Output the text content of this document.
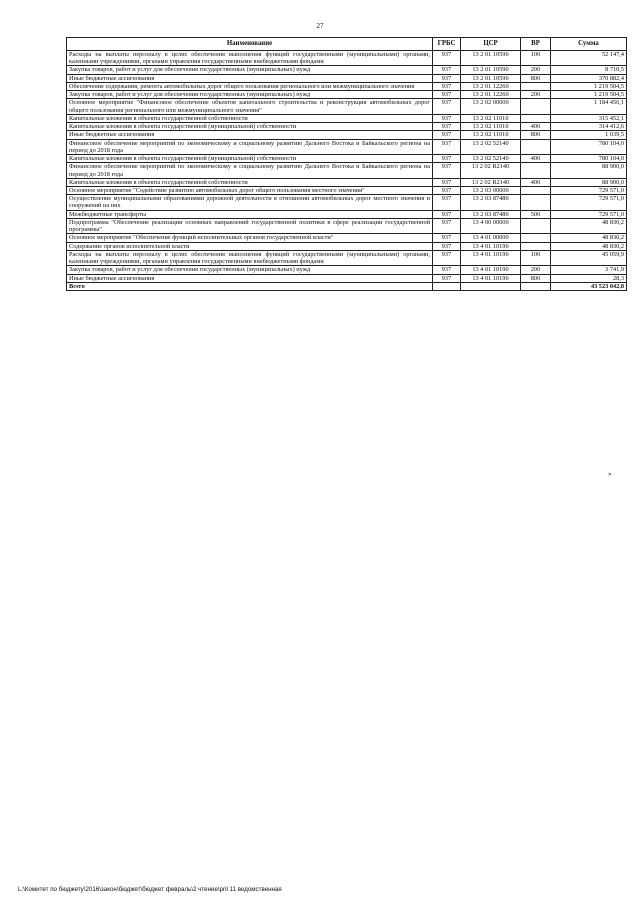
27
Наименование	ГРБС	ЦСР	ВР	Сумма
Расходы на выплаты персоналу в целях обеспечения выполнения функций государственными (муниципальными) органами, казенными учреждениями, органами управления государственными внебюджетными фондами	937	13 2 01 10590	100	52 147,4
Закупка товаров, работ и услуг для обеспечения государственных (муниципальных) нужд	937	13 2 01 10590	200	8 710,5
Иные бюджетные ассигнования	937	13 2 01 10590	800	370 882,4
Обеспечение содержания, ремонта автомобильных дорог общего пользования регионального или межмуниципального значения	937	13 2 01 12260		1 219 504,5
Закупка товаров, работ и услуг для обеспечения государственных (муниципальных) нужд	937	13 2 01 12260	200	1 219 504,5
Основное мероприятие "Финансовое обеспечение объектов капитального строительства и реконструкция автомобильных дорог общего пользования регионального или межмуниципального значения"	937	13 2 02 00000		1 184 456,1
Капитальные вложения в объекты государственной собственности	937	13 2 02 11010		315 452,1
Капитальные вложения в объекты государственной (муниципальной) собственности	937	13 2 02 11010	400	314 412,6
Иные бюджетные ассигнования	937	13 2 02 11010	800	1 039,5
Финансовое обеспечение мероприятий по экономическому и социальному развитию Дальнего Востока и Байкальского региона на период до 2018 года	937	13 2 02 52140		780 104,0
Капитальные вложения в объекты государственной (муниципальной) собственности	937	13 2 02 52140	400	780 104,0
Финансовое обеспечение мероприятий по экономическому и социальному развитию Дальнего Востока и Байкальского региона на период до 2018 года	937	13 2 02 R2140		88 900,0
Капитальные вложения в объекты государственной собственности	937	13 2 02 R2140	400	88 900,0
Основное мероприятие "Содействие развитию автомобильных дорог общего пользования местного значения"	937	13 2 03 00000		729 571,0
Осуществление муниципальными образованиями дорожной деятельности в отношении автомобильных дорог местного значения и сооружений на них	937	13 2 03 87480		729 571,0
Межбюджетные трансферты	937	13 2 03 87480	500	729 571,0
Подпрограмма "Обеспечение реализации основных направлений государственной политики в сфере реализации государственной программы"	937	13 4 00 00000		48 830,2
Основное мероприятие "Обеспечение функций исполнительных органов государственной власти"	937	13 4 01 00000		48 830,2
Содержание органов исполнительной власти	937	13 4 01 10190		48 830,2
Расходы на выплаты персоналу в целях обеспечения выполнения функций государственными (муниципальными) органами, казенными учреждениями, органами управления государственными внебюджетными фондами	937	13 4 01 10190	100	45 059,9
Закупка товаров, работ и услуг для обеспечения государственных (муниципальных) нужд	937	13 4 01 10190	200	3 741,9
Иные бюджетные ассигнования	937	13 4 01 10190	800	28,3
Всего				43 523 042,8
»
L:\Комитет по бюджету\2016\закон\бюджет\бюджет февраль\2 чтение\pril 11 ведомственная
